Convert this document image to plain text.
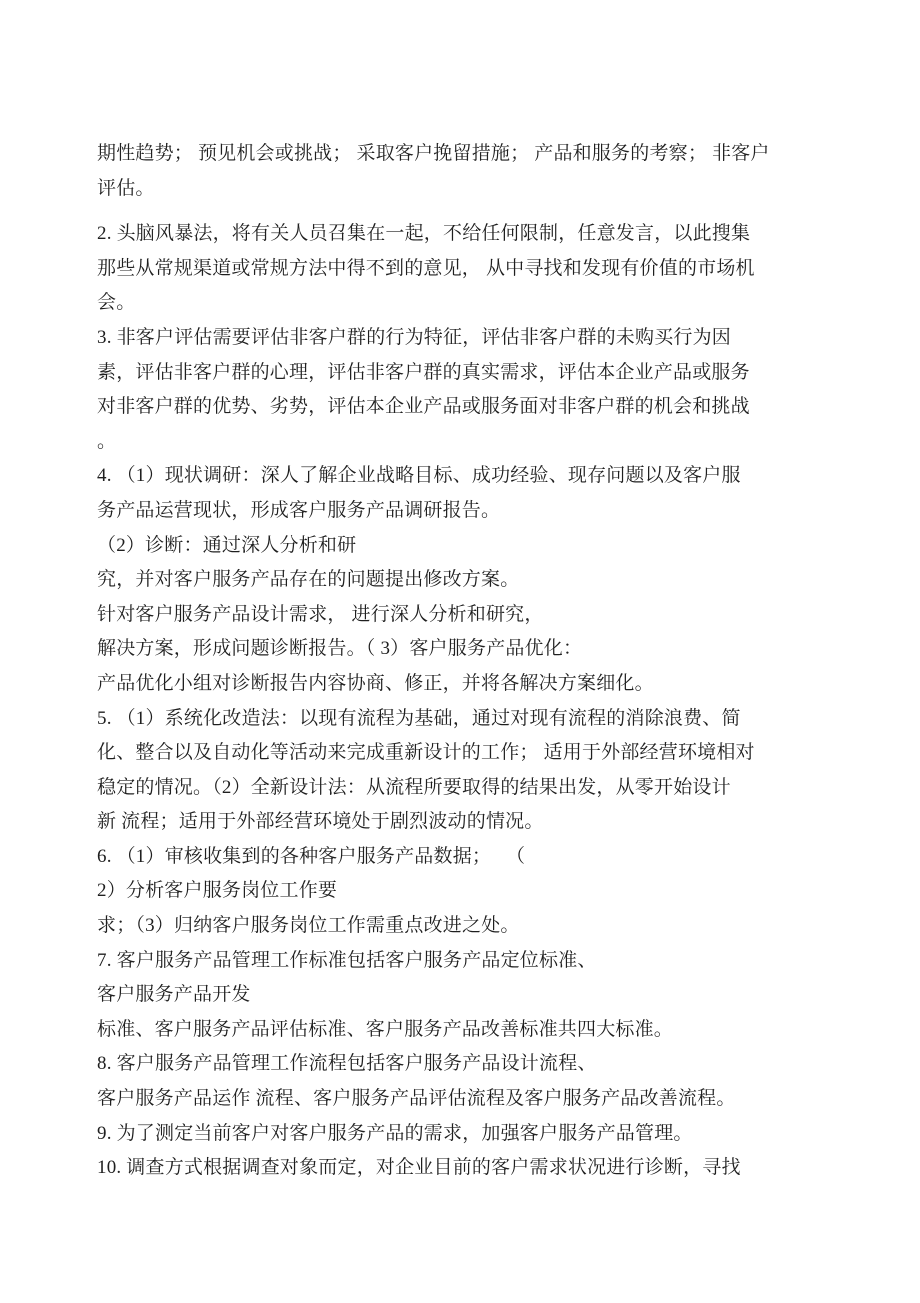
期性趋势； 预见机会或挑战； 采取客户挽留措施； 产品和服务的考察； 非客户
评估。
2. 头脑风暴法，将有关人员召集在一起，不给任何限制，任意发言，以此搜集
那些从常规渠道或常规方法中得不到的意见， 从中寻找和发现有价值的市场机
会。
3. 非客户评估需要评估非客户群的行为特征，评估非客户群的未购买行为因
素，评估非客户群的心理，评估非客户群的真实需求，评估本企业产品或服务
对非客户群的优势、劣势，评估本企业产品或服务面对非客户群的机会和挑战
。
4. （1）现状调研：深人了解企业战略目标、成功经验、现存问题以及客户服
务产品运营现状，形成客户服务产品调研报告。
（2）诊断：通过深人分析和研
究，并对客户服务产品存在的问题提出修改方案。
针对客户服务产品设计需求， 进行深人分析和研究，
解决方案，形成问题诊断报告。（ 3）客户服务产品优化：
产品优化小组对诊断报告内容协商、修正，并将各解决方案细化。
5. （1）系统化改造法：以现有流程为基础，通过对现有流程的消除浪费、简
化、整合以及自动化等活动来完成重新设计的工作； 适用于外部经营环境相对
稳定的情况。（2）全新设计法：从流程所要取得的结果出发，从零开始设计
新 流程；适用于外部经营环境处于剧烈波动的情况。
6. （1）审核收集到的各种客户服务产品数据；   （
2）分析客户服务岗位工作要
求；（3）归纳客户服务岗位工作需重点改进之处。
7. 客户服务产品管理工作标准包括客户服务产品定位标准、
客户服务产品开发
标准、客户服务产品评估标准、客户服务产品改善标准共四大标准。
8. 客户服务产品管理工作流程包括客户服务产品设计流程、
客户服务产品运作 流程、客户服务产品评估流程及客户服务产品改善流程。
9. 为了测定当前客户对客户服务产品的需求，加强客户服务产品管理。
10. 调查方式根据调查对象而定，对企业目前的客户需求状况进行诊断，寻找
